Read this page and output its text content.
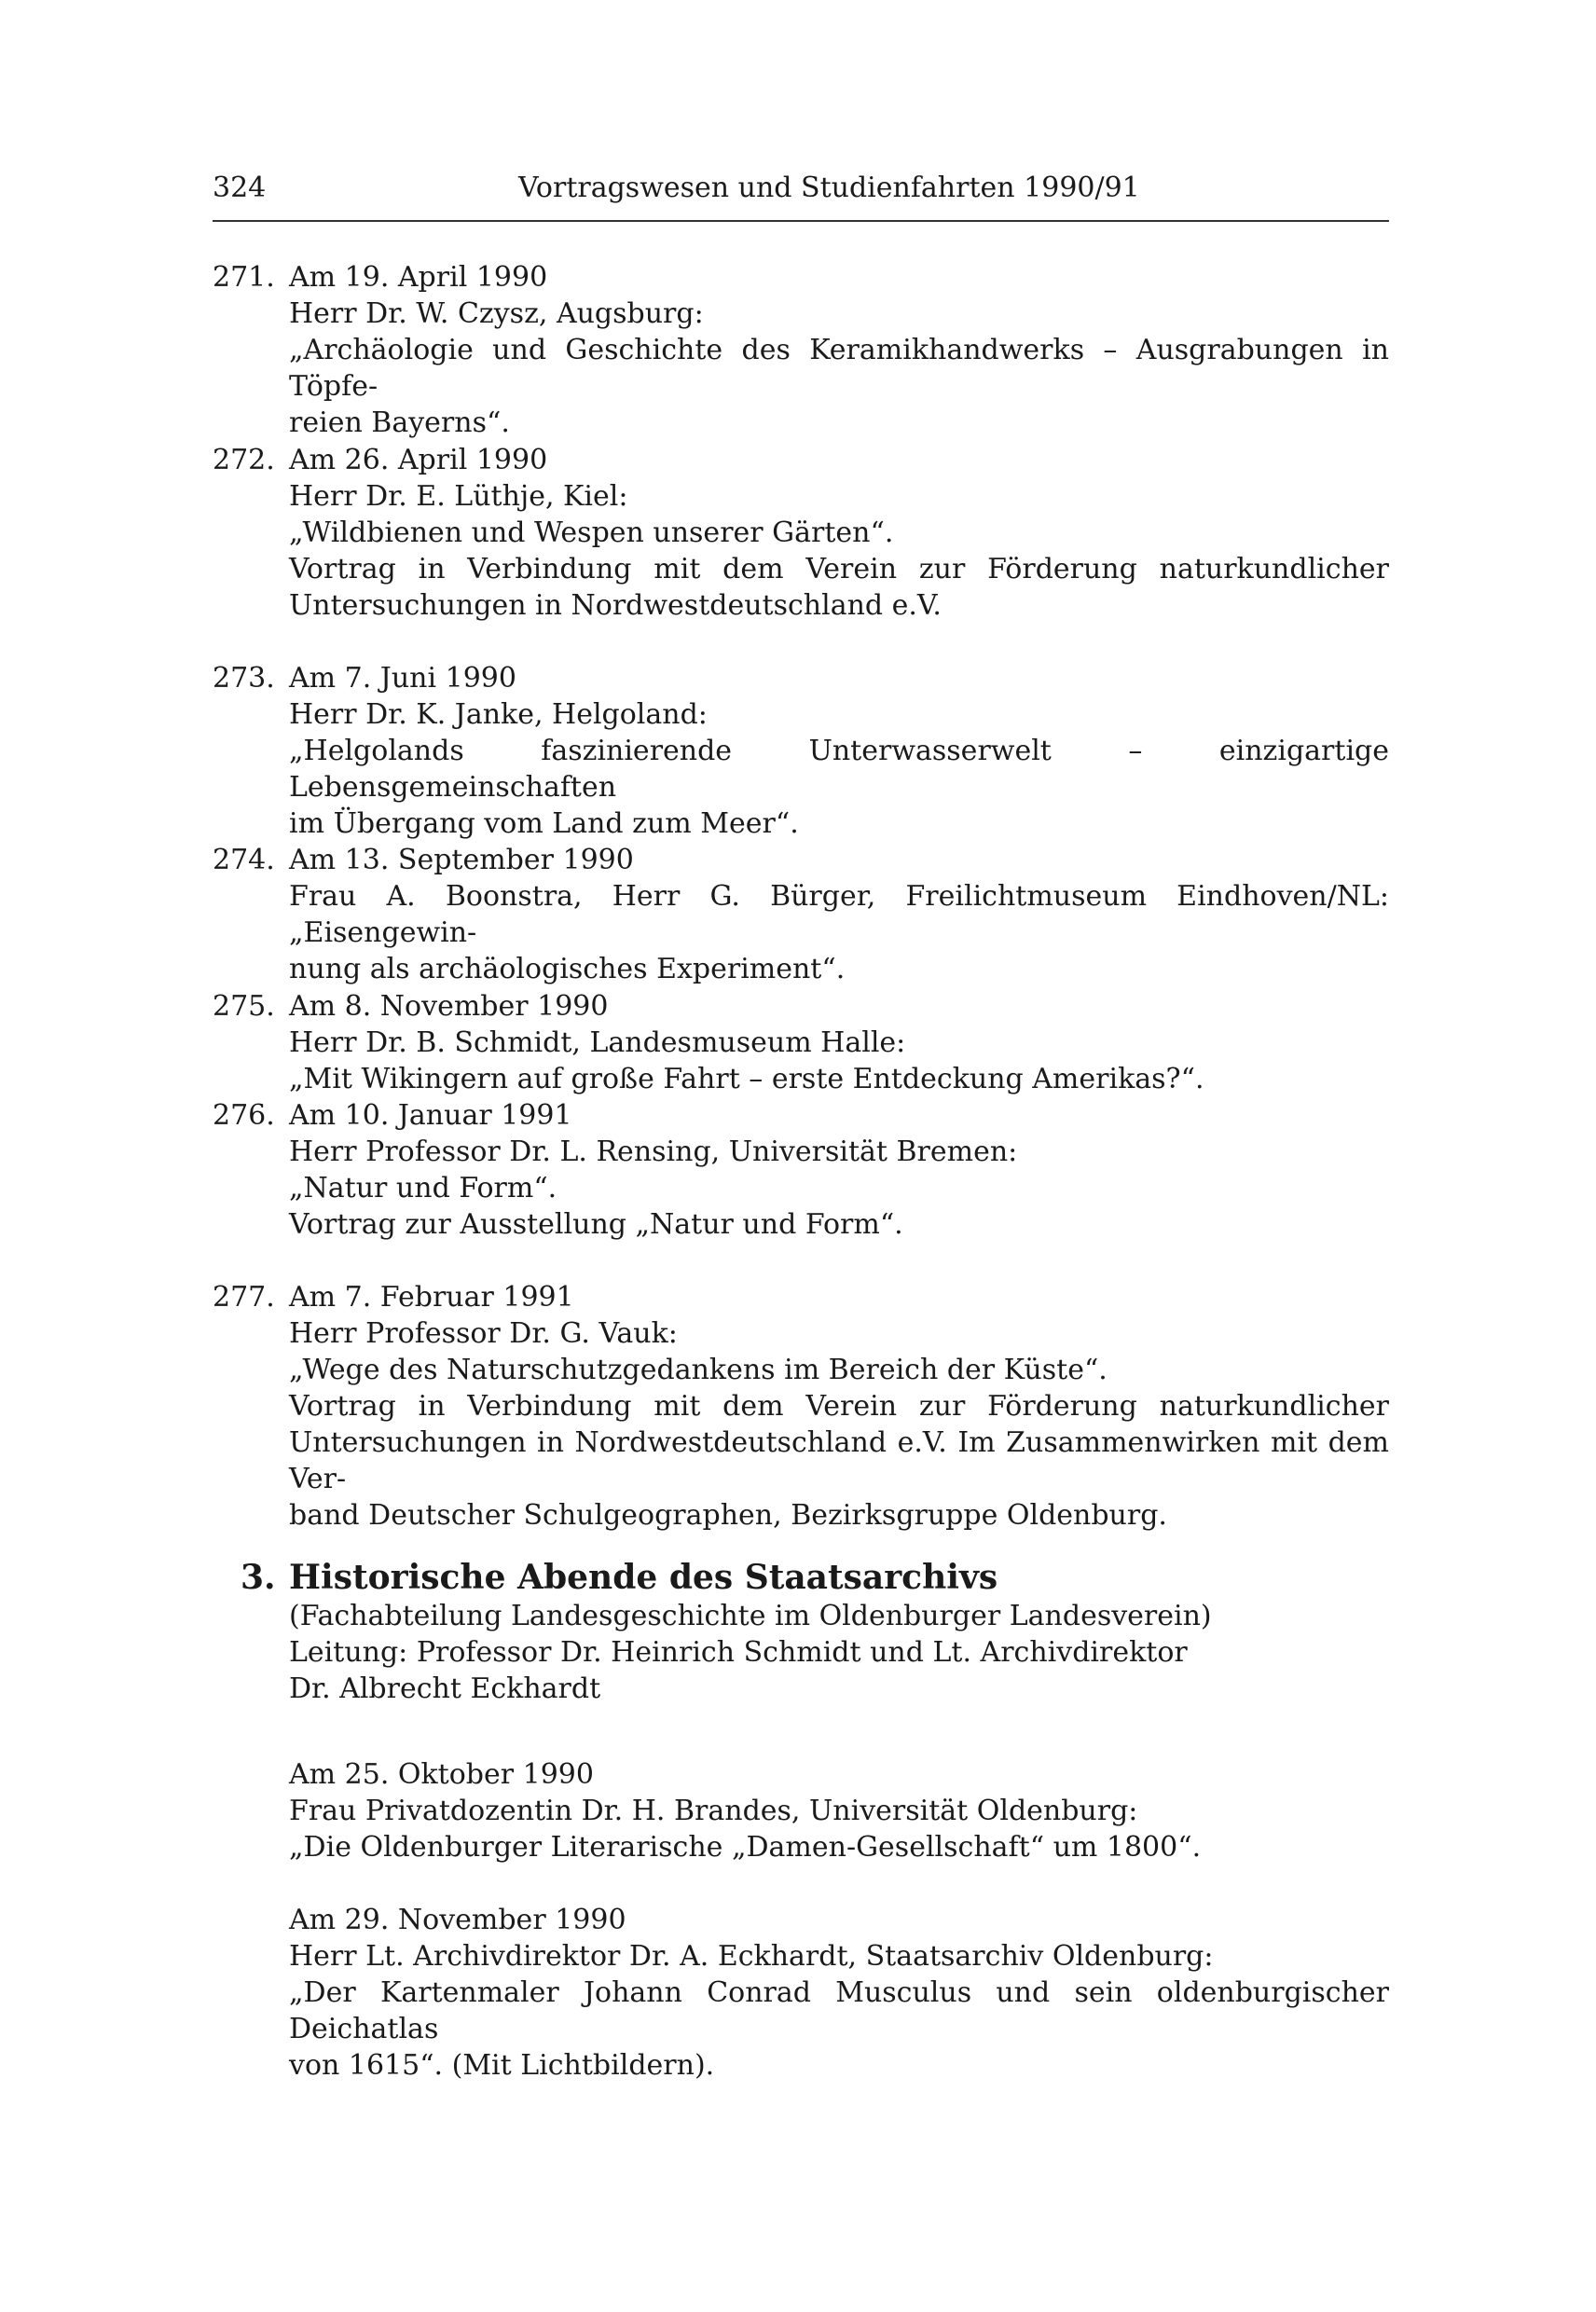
324	Vortragswesen und Studienfahrten 1990/91
271. Am 19. April 1990
Herr Dr. W. Czysz, Augsburg:
„Archäologie und Geschichte des Keramikhandwerks – Ausgrabungen in Töpfe-
reien Bayerns“.
272. Am 26. April 1990
Herr Dr. E. Lüthje, Kiel:
„Wildbienen und Wespen unserer Gärten“.
Vortrag in Verbindung mit dem Verein zur Förderung naturkundlicher
Untersuchungen in Nordwestdeutschland e.V.
273. Am 7. Juni 1990
Herr Dr. K. Janke, Helgoland:
„Helgolands faszinierende Unterwasserwelt – einzigartige Lebensgemeinschaften
im Übergang vom Land zum Meer“.
274. Am 13. September 1990
Frau A. Boonstra, Herr G. Bürger, Freilichtmuseum Eindhoven/NL: „Eisengewin-
nung als archäologisches Experiment“.
275. Am 8. November 1990
Herr Dr. B. Schmidt, Landesmuseum Halle:
„Mit Wikingern auf große Fahrt – erste Entdeckung Amerikas?“.
276. Am 10. Januar 1991
Herr Professor Dr. L. Rensing, Universität Bremen:
„Natur und Form“.
Vortrag zur Ausstellung „Natur und Form“.
277. Am 7. Februar 1991
Herr Professor Dr. G. Vauk:
„Wege des Naturschutzgedankens im Bereich der Küste“.
Vortrag in Verbindung mit dem Verein zur Förderung naturkundlicher
Untersuchungen in Nordwestdeutschland e.V. Im Zusammenwirken mit dem Ver-
band Deutscher Schulgeographen, Bezirksgruppe Oldenburg.
3. Historische Abende des Staatsarchivs
(Fachabteilung Landesgeschichte im Oldenburger Landesverein)
Leitung: Professor Dr. Heinrich Schmidt und Lt. Archivdirektor
Dr. Albrecht Eckhardt
Am 25. Oktober 1990
Frau Privatdozentin Dr. H. Brandes, Universität Oldenburg:
„Die Oldenburger Literarische „Damen-Gesellschaft“ um 1800“.
Am 29. November 1990
Herr Lt. Archivdirektor Dr. A. Eckhardt, Staatsarchiv Oldenburg:
„Der Kartenmaler Johann Conrad Musculus und sein oldenburgischer Deichatlas
von 1615“. (Mit Lichtbildern).
